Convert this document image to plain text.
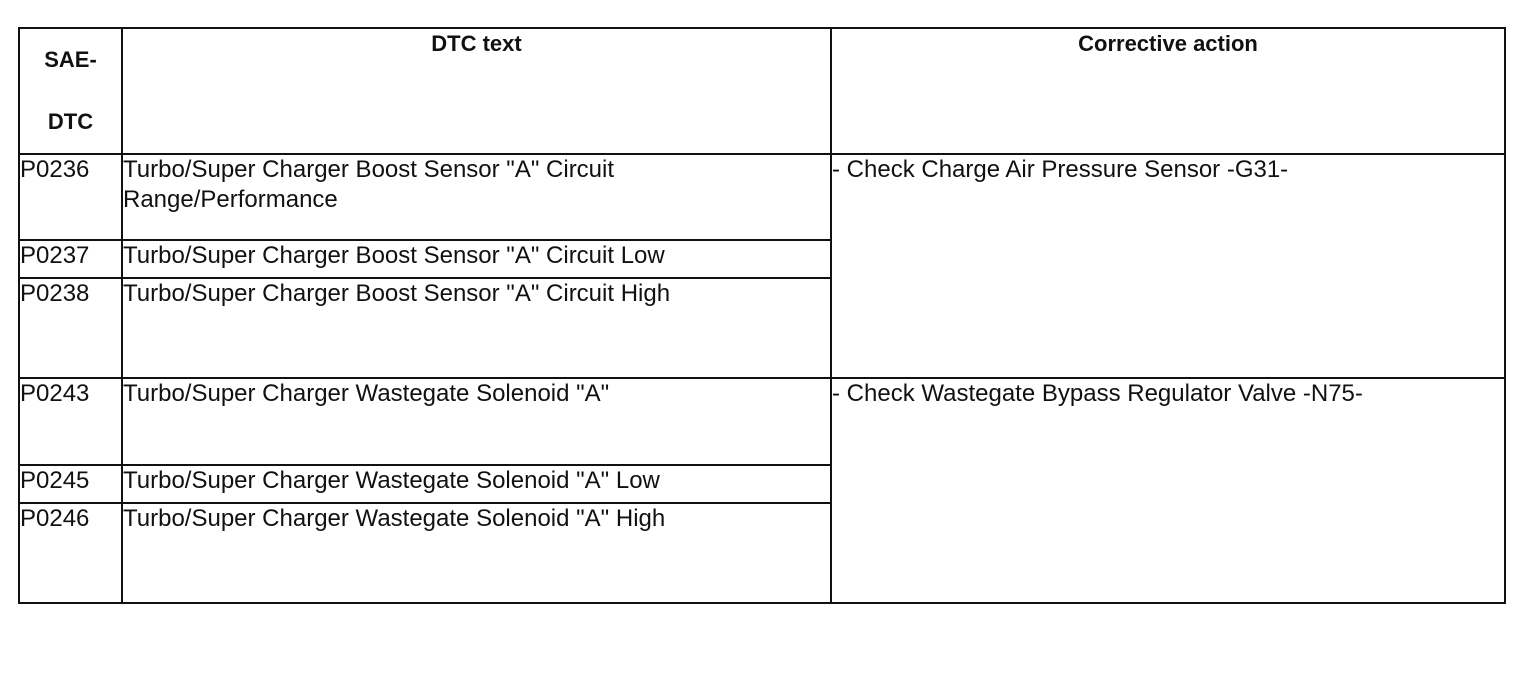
SAE-
DTC	DTC text	Corrective action
P0236	Turbo/Super Charger Boost Sensor "A" Circuit Range/Performance	- Check Charge Air Pressure Sensor -G31-
P0237	Turbo/Super Charger Boost Sensor "A" Circuit Low	
P0238	Turbo/Super Charger Boost Sensor "A" Circuit High	
P0243	Turbo/Super Charger Wastegate Solenoid "A"	- Check Wastegate Bypass Regulator Valve -N75-
P0245	Turbo/Super Charger Wastegate Solenoid "A" Low	
P0246	Turbo/Super Charger Wastegate Solenoid "A" High	
